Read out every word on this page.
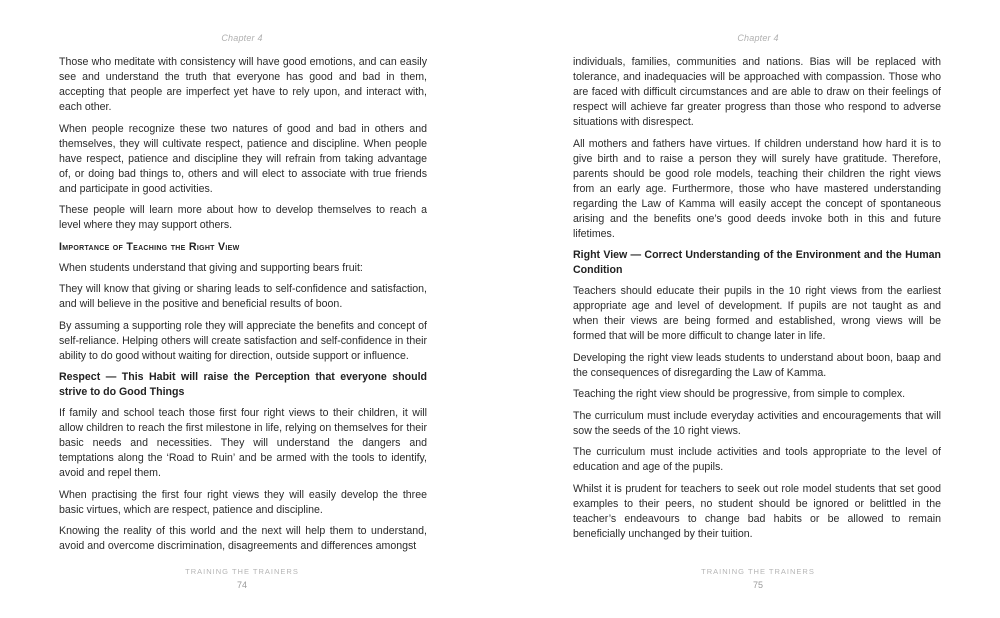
Chapter 4

Those who meditate with consistency will have good emotions, and can easily see and understand the truth that everyone has good and bad in them, accepting that people are imperfect yet have to rely upon, and interact with, each other.

When people recognize these two natures of good and bad in others and themselves, they will cultivate respect, patience and discipline. When people have respect, patience and discipline they will refrain from taking advantage of, or doing bad things to, others and will elect to associate with true friends and participate in good activities.

These people will learn more about how to develop themselves to reach a level where they may support others.

Importance of Teaching the Right View

When students understand that giving and supporting bears fruit:

They will know that giving or sharing leads to self-confidence and satisfaction, and will believe in the positive and beneficial results of boon.

By assuming a supporting role they will appreciate the benefits and concept of self-reliance. Helping others will create satisfaction and self-confidence in their ability to do good without waiting for direction, outside support or influence.

Respect — This Habit will raise the Perception that everyone should strive to do Good Things

If family and school teach those first four right views to their children, it will allow children to reach the first milestone in life, relying on themselves for their basic needs and necessities. They will understand the dangers and temptations along the ‘Road to Ruin’ and be armed with the tools to identify, avoid and repel them.

When practising the first four right views they will easily develop the three basic virtues, which are respect, patience and discipline.

Knowing the reality of this world and the next will help them to understand, avoid and overcome discrimination, disagreements and differences amongst

TRAINING THE TRAINERS
74
Chapter 4

individuals, families, communities and nations. Bias will be replaced with tolerance, and inadequacies will be approached with compassion. Those who are faced with difficult circumstances and are able to draw on their feelings of respect will achieve far greater progress than those who respond to adverse situations with disrespect.

All mothers and fathers have virtues. If children understand how hard it is to give birth and to raise a person they will surely have gratitude. Therefore, parents should be good role models, teaching their children the right views from an early age. Furthermore, those who have mastered understanding regarding the Law of Kamma will easily accept the concept of spontaneous arising and the benefits one’s good deeds invoke both in this and future lifetimes.

Right View — Correct Understanding of the Environment and the Human Condition

Teachers should educate their pupils in the 10 right views from the earliest appropriate age and level of development. If pupils are not taught as and when their views are being formed and established, wrong views will be formed that will be more difficult to change later in life.

Developing the right view leads students to understand about boon, baap and the consequences of disregarding the Law of Kamma.

Teaching the right view should be progressive, from simple to complex.

The curriculum must include everyday activities and encouragements that will sow the seeds of the 10 right views.

The curriculum must include activities and tools appropriate to the level of education and age of the pupils.

Whilst it is prudent for teachers to seek out role model students that set good examples to their peers, no student should be ignored or belittled in the teacher’s endeavours to change bad habits or be allowed to remain beneficially unchanged by their tuition.

TRAINING THE TRAINERS
75
